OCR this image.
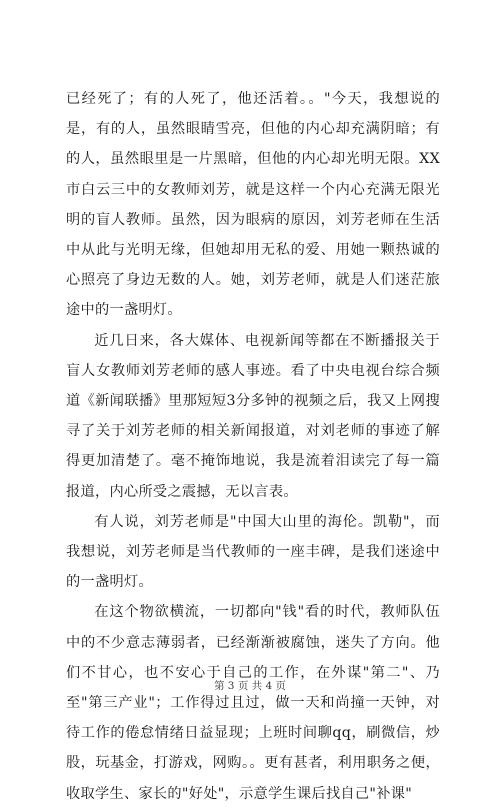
已经死了；有的人死了，他还活着。。"今天，我想说的是，有的人，虽然眼睛雪亮，但他的内心却充满阴暗；有的人，虽然眼里是一片黑暗，但他的内心却光明无限。XX市白云三中的女教师刘芳，就是这样一个内心充满无限光明的盲人教师。虽然，因为眼病的原因，刘芳老师在生活中从此与光明无缘，但她却用无私的爱、用她一颗热诚的心照亮了身边无数的人。她，刘芳老师，就是人们迷茫旅途中的一盏明灯。

近几日来，各大媒体、电视新闻等都在不断播报关于盲人女教师刘芳老师的感人事迹。看了中央电视台综合频道《新闻联播》里那短短3分多钟的视频之后，我又上网搜寻了关于刘芳老师的相关新闻报道，对刘老师的事迹了解得更加清楚了。毫不掩饰地说，我是流着泪读完了每一篇报道，内心所受之震撼，无以言表。

有人说，刘芳老师是"中国大山里的海伦。凯勒"，而我想说，刘芳老师是当代教师的一座丰碑，是我们迷途中的一盏明灯。

在这个物欲横流，一切都向"钱"看的时代，教师队伍中的不少意志薄弱者，已经渐渐被腐蚀，迷失了方向。他们不甘心，也不安心于自己的工作，在外谋"第二"、乃至"第三产业"；工作得过且过，做一天和尚撞一天钟，对待工作的倦怠情绪日益显现；上班时间聊qq，刷微信，炒股，玩基金，打游戏，网购。。更有甚者，利用职务之便，收取学生、家长的"好处"，示意学生课后找自己"补课"

第 3 页 共 4 页
